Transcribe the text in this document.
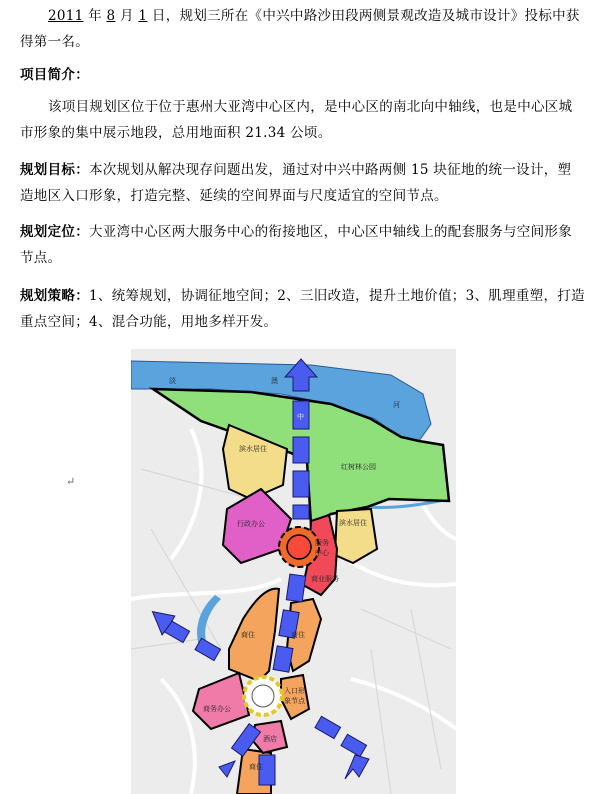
2011 年 8 月 1 日，规划三所在《中兴中路沙田段两侧景观改造及城市设计》投标中获得第一名。
项目简介：
该项目规划区位于位于惠州大亚湾中心区内，是中心区的南北向中轴线，也是中心区城市形象的集中展示地段，总用地面积 21.34 公顷。
规划目标：本次规划从解决现存问题出发，通过对中兴中路两侧 15 块征地的统一设计，塑造地区入口形象，打造完整、延续的空间界面与尺度适宜的空间节点。
规划定位：大亚湾中心区两大服务中心的衔接地区，中心区中轴线上的配套服务与空间形象节点。
规划策略：1、统筹规划，协调征地空间；2、三旧改造，提升土地价值；3、肌理重塑，打造重点空间；4、混合功能，用地多样开发。
↵
淡	澳
河
中
红树林公园
滨水居住
滨水居住
行政办公
服务
中心
商业服务
商住	商住
商住
商务办公
入口形
象节点
酒店
